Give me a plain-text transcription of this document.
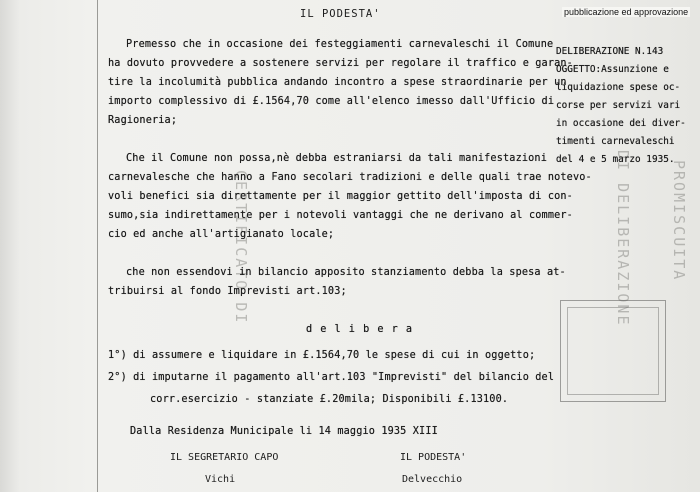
CERTIFICATO DI	DI DELIBERAZIONE	PROMISCUITA
IL PODESTA'
Premesso che in occasione dei festeggiamenti carnevaleschi il Comune
ha dovuto provvedere a sostenere servizi per regolare il traffico e garan-
tire la incolumità pubblica andando incontro a spese straordinarie per un
importo complessivo di £.1564,70 come all'elenco imesso dall'Ufficio di
Ragioneria;
Che il Comune non possa,nè debba estraniarsi da tali manifestazioni
carnevalesche che hanno a Fano secolari tradizioni e delle quali trae notevo-
voli benefici sia direttamente per il maggior gettito dell'imposta di con-
sumo,sia indirettamente per i notevoli vantaggi che ne derivano al commer-
cio ed anche all'artigianato locale;
che non essendovi in bilancio apposito stanziamento debba la spesa at-
tribuirsi al fondo Imprevisti art.103;
d e l i b e r a
1°) di assumere e liquidare in £.1564,70 le spese di cui in oggetto;
2°) di imputarne il pagamento all'art.103 "Imprevisti" del bilancio del
corr.esercizio - stanziate £.20mila; Disponibili £.13100.
Dalla Residenza Municipale li 14 maggio 1935 XIII
IL SEGRETARIO CAPO	IL PODESTA'
Vichi	Delvecchio
pubblicazione ed approvazione
DELIBERAZIONE N.143
OGGETTO:Assunzione e
liquidazione spese oc-
corse per servizi vari
in occasione dei diver-
timenti carnevaleschi
del 4 e 5 marzo 1935.
